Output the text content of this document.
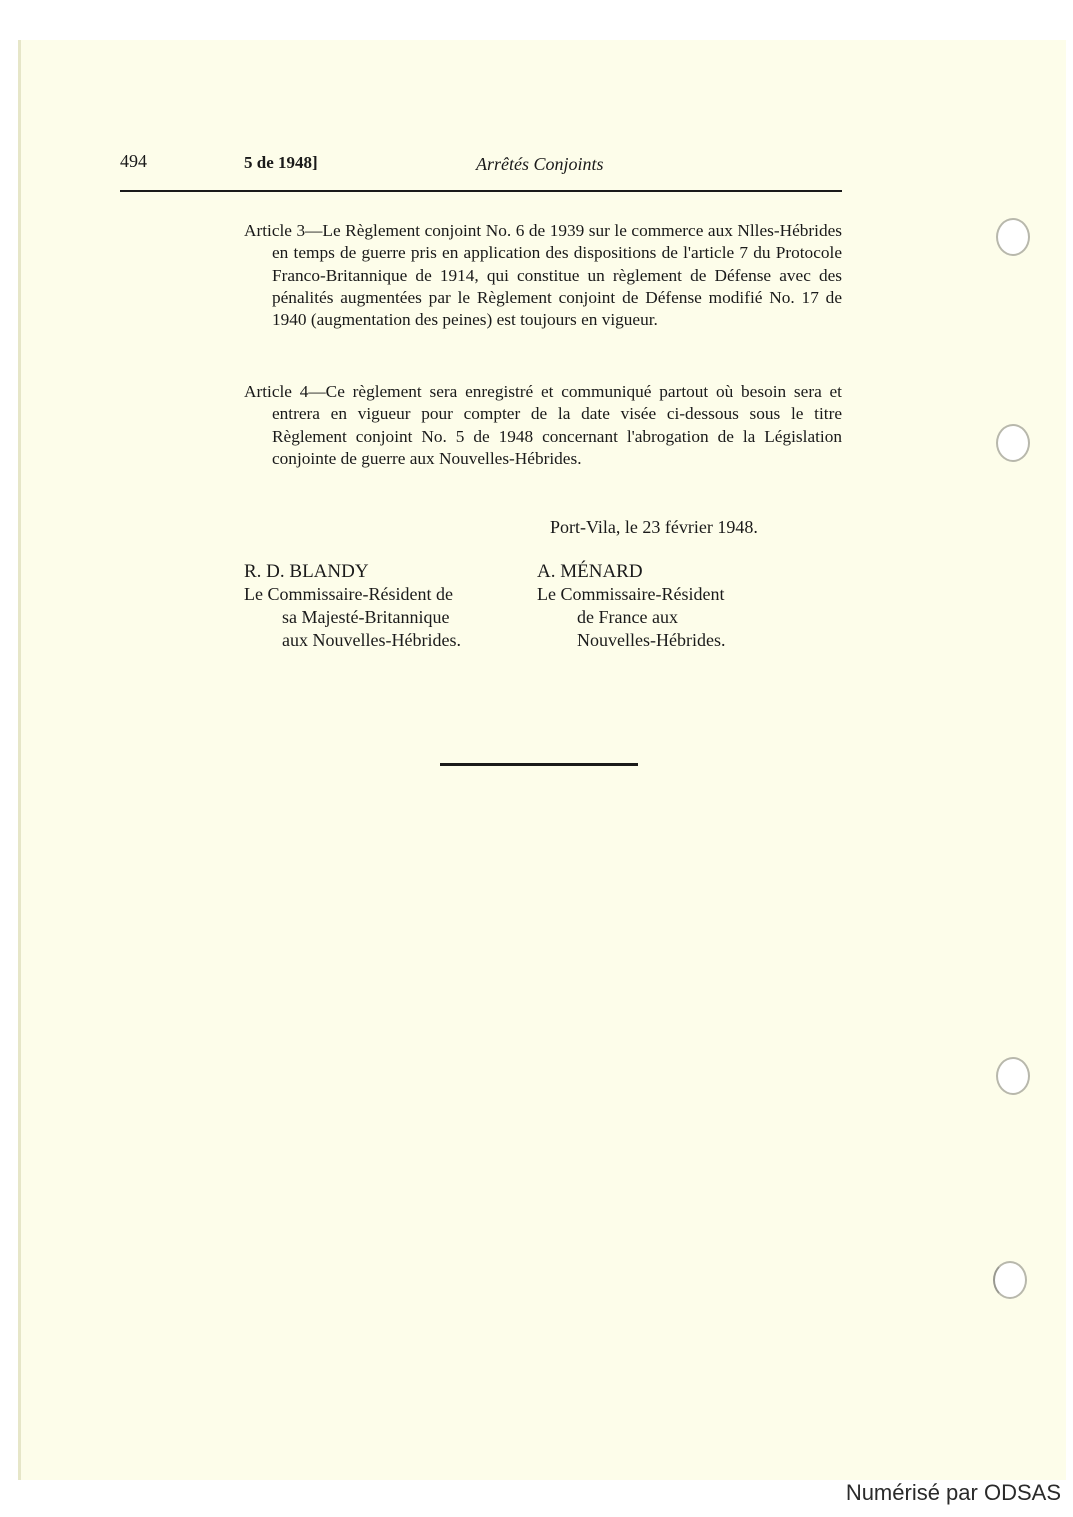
494	5 de 1948]	Arrêtés Conjoints

Article 3—Le Règlement conjoint No. 6 de 1939 sur le commerce aux Nlles-Hébrides en temps de guerre pris en application des dispositions de l'article 7 du Protocole Franco-Britannique de 1914, qui constitue un règlement de Défense avec des pénalités augmentées par le Règlement conjoint de Défense modifié No. 17 de 1940 (augmentation des peines) est toujours en vigueur.

Article 4—Ce règlement sera enregistré et communiqué partout où besoin sera et entrera en vigueur pour compter de la date visée ci-dessous sous le titre Règlement conjoint No. 5 de 1948 concernant l'abrogation de la Législation conjointe de guerre aux Nouvelles-Hébrides.

Port-Vila, le 23 février 1948.
R. D. BLANDY
Le Commissaire-Résident de
sa Majesté-Britannique
aux Nouvelles-Hébrides.
A. MÉNARD
Le Commissaire-Résident
de France aux
Nouvelles-Hébrides.
Numérisé par ODSAS
